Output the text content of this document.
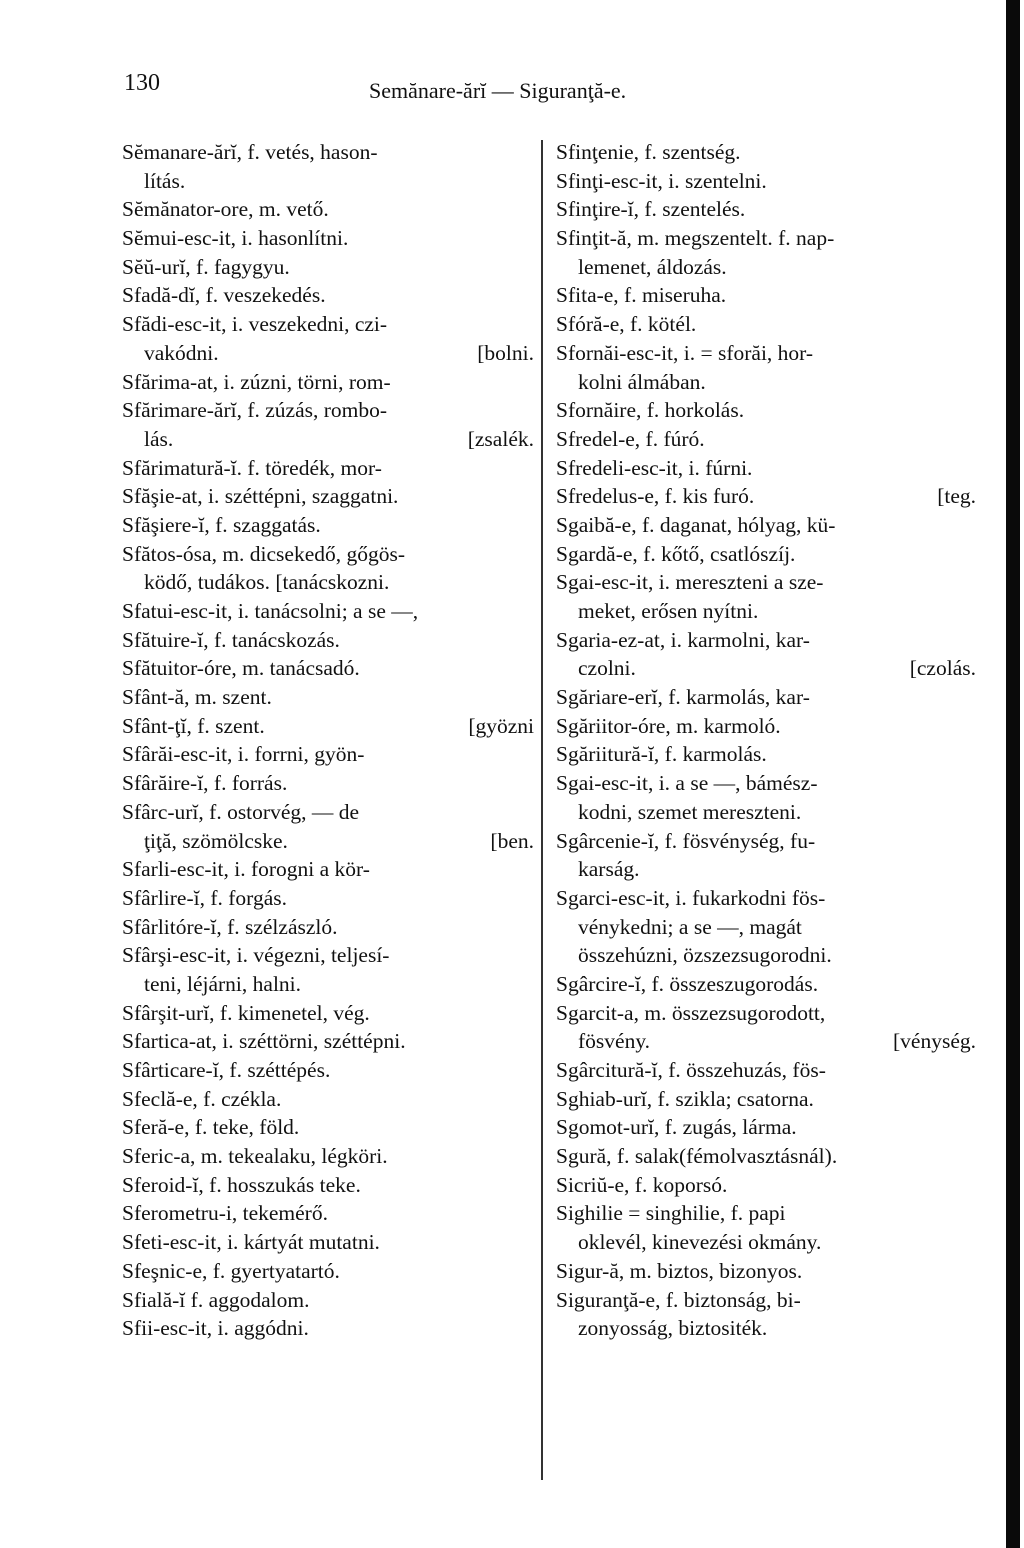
130	Semănare-ărĭ — Siguranţă-e.
Sĕmanare-ărĭ, f. vetés, hason-
lítás.
Sĕmănator-ore, m. vető.
Sĕmui-esc-it, i. hasonlítni.
Sĕŭ-urĭ, f. fagygyu.
Sfadă-dĭ, f. veszekedés.
Sfădi-esc-it, i. veszekedni, czi-
vakódni.	[bolni.
Sfărima-at, i. zúzni, törni, rom-
Sfărimare-ărĭ, f. zúzás, rombo-
lás.	[zsalék.
Sfărimatură-ĭ. f. töredék, mor-
Sfăşie-at, i. széttépni, szaggatni.
Sfăşiere-ĭ, f. szaggatás.
Sfătos-ósa, m. dicsekedő, gőgös-
ködő, tudákos. [tanácskozni.
Sfatui-esc-it, i. tanácsolni; a se —,
Sfătuire-ĭ, f. tanácskozás.
Sfătuitor-óre, m. tanácsadó.
Sfânt-ă, m. szent.
Sfânt-ţĭ, f. szent.	[gyözni
Sfârăi-esc-it, i. forrni, gyön-
Sfârăire-ĭ, f. forrás.
Sfârc-urĭ, f. ostorvég, — de
ţiţă, szömölcske.	[ben.
Sfarli-esc-it, i. forogni a kör-
Sfârlire-ĭ, f. forgás.
Sfârlitóre-ĭ, f. szélzászló.
Sfârşi-esc-it, i. végezni, teljesí-
teni, léjárni, halni.
Sfârşit-urĭ, f. kimenetel, vég.
Sfartica-at, i. széttörni, széttépni.
Sfârticare-ĭ, f. széttépés.
Sfeclă-e, f. czékla.
Sferă-e, f. teke, föld.
Sferic-a, m. tekealaku, légköri.
Sferoid-ĭ, f. hosszukás teke.
Sferometru-i, tekemérő.
Sfeti-esc-it, i. kártyát mutatni.
Sfeşnic-e, f. gyertyatartó.
Sfială-ĭ f. aggodalom.
Sfii-esc-it, i. aggódni.
Sfinţenie, f. szentség.
Sfinţi-esc-it, i. szentelni.
Sfinţire-ĭ, f. szentelés.
Sfinţit-ă, m. megszentelt. f. nap-
lemenet, áldozás.
Sfita-e, f. miseruha.
Sfóră-e, f. kötél.
Sfornăi-esc-it, i. = sforăi, hor-
kolni álmában.
Sfornăire, f. horkolás.
Sfredel-e, f. fúró.
Sfredeli-esc-it, i. fúrni.
Sfredelus-e, f. kis furó.	[teg.
Sgaibă-e, f. daganat, hólyag, kü-
Sgardă-e, f. kőtő, csatlószíj.
Sgai-esc-it, i. mereszteni a sze-
meket, erősen nyítni.
Sgaria-ez-at, i. karmolni, kar-
czolni.	[czolás.
Sgăriare-erĭ, f. karmolás, kar-
Sgăriitor-óre, m. karmoló.
Sgăriitură-ĭ, f. karmolás.
Sgai-esc-it, i. a se —, bámész-
kodni, szemet mereszteni.
Sgârcenie-ĭ, f. fösvénység, fu-
karság.
Sgarci-esc-it, i. fukarkodni fös-
vénykedni; a se —, magát
összehúzni, özszezsugorodni.
Sgârcire-ĭ, f. összeszugorodás.
Sgarcit-a, m. összezsugorodott,
fösvény.	[vénység.
Sgârcitură-ĭ, f. összehuzás, fös-
Sghiab-urĭ, f. szikla; csatorna.
Sgomot-urĭ, f. zugás, lárma.
Sgură, f. salak(fémolvasztásnál).
Sicriŭ-e, f. koporsó.
Sighilie = singhilie, f. papi
oklevél, kinevezési okmány.
Sigur-ă, m. biztos, bizonyos.
Siguranţă-e, f. biztonság, bi-
zonyosság, biztositék.
